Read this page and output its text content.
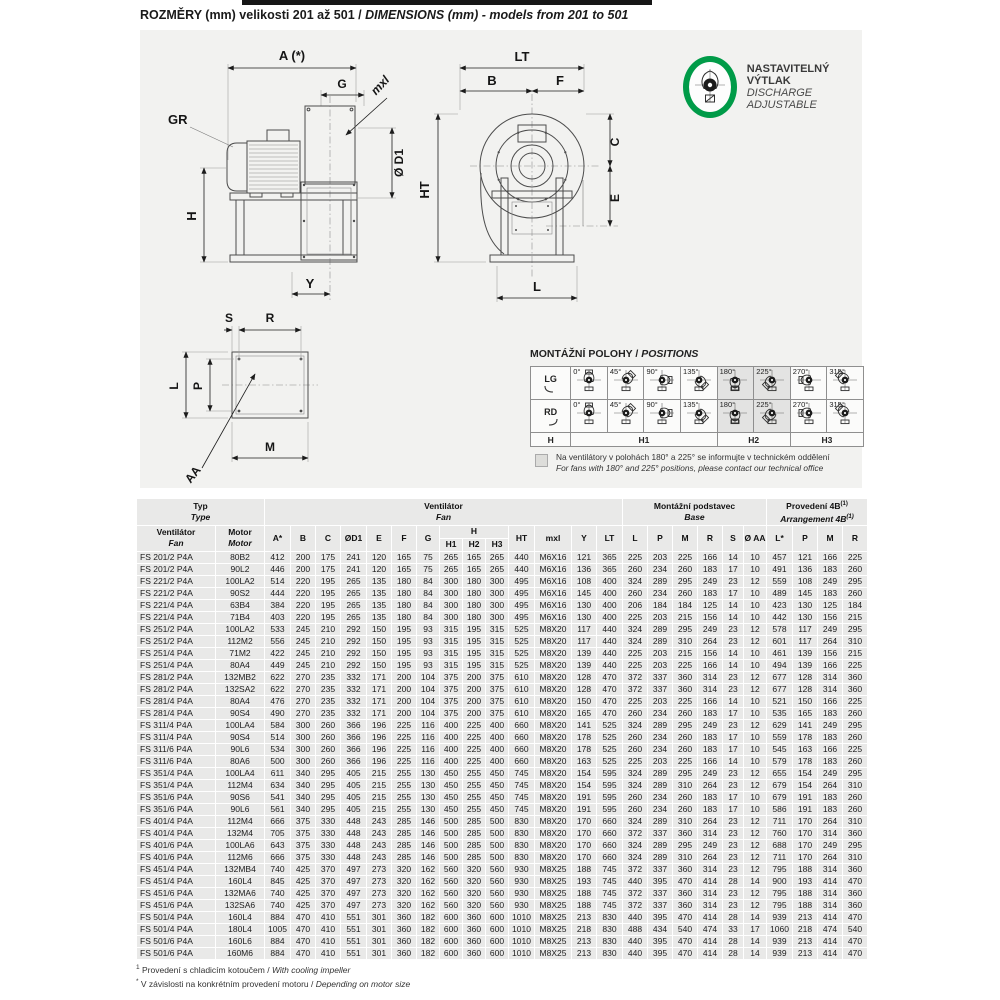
ROZMĚRY (mm) velikosti 201 až 501 / DIMENSIONS (mm) - models from 201 to 501
A (*)
G mxl
GR
Ø D1
H
Y
LT
B	F
C
E
HT
L
S	R
L P
M
AA
NASTAVITELNÝ VÝTLAK
DISCHARGE ADJUSTABLE
MONTÁŽNÍ POLOHY / POSITIONS
LG	0°	45°	90°	135°	180°	225°	270°	315°

RD	0°	45°	90°	135°	180°	225°	270°	315°

H	H1				H2		H3	
Na ventilátory v polohách 180° a 225° se informujte v technickém oddělení
For fans with 180° and 225° positions, please contact our technical office
Typ
Type

Ventilátor
Fan

Montážní podstavec
Base

Provedení $4B^{(1)}$
Arrangement $4B^{(1)}$

Ventilátor
Fan

Motor
Motor
	A*	B	C	ØD1	E	F	G	H	HT	mxl	Y	LT	L	P	M	R	S	Ø AA	L*	P	M	R
									H1	H2	H3														
FS 201/2 P4A	80B2	412	200	175	241	120	165	75	265	165	265	440	M6X16	121	365	225	203	225	166	14	10	457	121	166	225
FS 201/2 P4A	90L2	446	200	175	241	120	165	75	265	165	265	440	M6X16	136	365	260	234	260	183	17	10	491	136	183	260
FS 221/2 P4A	100LA2	514	220	195	265	135	180	84	300	180	300	495	M6X16	108	400	324	289	295	249	23	12	559	108	249	295
FS 221/2 P4A	90S2	444	220	195	265	135	180	84	300	180	300	495	M6X16	145	400	260	234	260	183	17	10	489	145	183	260
FS 221/4 P4A	63B4	384	220	195	265	135	180	84	300	180	300	495	M6X16	130	400	206	184	184	125	14	10	423	130	125	184
FS 221/4 P4A	71B4	403	220	195	265	135	180	84	300	180	300	495	M6X16	130	400	225	203	215	156	14	10	442	130	156	215
FS 251/2 P4A	100LA2	533	245	210	292	150	195	93	315	195	315	525	M8X20	117	440	324	289	295	249	23	12	578	117	249	295
FS 251/2 P4A	112M2	556	245	210	292	150	195	93	315	195	315	525	M8X20	117	440	324	289	310	264	23	12	601	117	264	310
FS 251/4 P4A	71M2	422	245	210	292	150	195	93	315	195	315	525	M8X20	139	440	225	203	215	156	14	10	461	139	156	215
FS 251/4 P4A	80A4	449	245	210	292	150	195	93	315	195	315	525	M8X20	139	440	225	203	225	166	14	10	494	139	166	225
FS 281/2 P4A	132MB2	622	270	235	332	171	200	104	375	200	375	610	M8X20	128	470	372	337	360	314	23	12	677	128	314	360
FS 281/2 P4A	132SA2	622	270	235	332	171	200	104	375	200	375	610	M8X20	128	470	372	337	360	314	23	12	677	128	314	360
FS 281/4 P4A	80A4	476	270	235	332	171	200	104	375	200	375	610	M8X20	150	470	225	203	225	166	14	10	521	150	166	225
FS 281/4 P4A	90S4	490	270	235	332	171	200	104	375	200	375	610	M8X20	165	470	260	234	260	183	17	10	535	165	183	260
FS 311/4 P4A	100LA4	584	300	260	366	196	225	116	400	225	400	660	M8X20	141	525	324	289	295	249	23	12	629	141	249	295
FS 311/4 P4A	90S4	514	300	260	366	196	225	116	400	225	400	660	M8X20	178	525	260	234	260	183	17	10	559	178	183	260
FS 311/6 P4A	90L6	534	300	260	366	196	225	116	400	225	400	660	M8X20	178	525	260	234	260	183	17	10	545	163	166	225
FS 311/6 P4A	80A6	500	300	260	366	196	225	116	400	225	400	660	M8X20	163	525	225	203	225	166	14	10	579	178	183	260
FS 351/4 P4A	100LA4	611	340	295	405	215	255	130	450	255	450	745	M8X20	154	595	324	289	295	249	23	12	655	154	249	295
FS 351/4 P4A	112M4	634	340	295	405	215	255	130	450	255	450	745	M8X20	154	595	324	289	310	264	23	12	679	154	264	310
FS 351/6 P4A	90S6	541	340	295	405	215	255	130	450	255	450	745	M8X20	191	595	260	234	260	183	17	10	679	191	183	260
FS 351/6 P4A	90L6	561	340	295	405	215	255	130	450	255	450	745	M8X20	191	595	260	234	260	183	17	10	586	191	183	260
FS 401/4 P4A	112M4	666	375	330	448	243	285	146	500	285	500	830	M8X20	170	660	324	289	310	264	23	12	711	170	264	310
FS 401/4 P4A	132M4	705	375	330	448	243	285	146	500	285	500	830	M8X20	170	660	372	337	360	314	23	12	760	170	314	360
FS 401/6 P4A	100LA6	643	375	330	448	243	285	146	500	285	500	830	M8X20	170	660	324	289	295	249	23	12	688	170	249	295
FS 401/6 P4A	112M6	666	375	330	448	243	285	146	500	285	500	830	M8X20	170	660	324	289	310	264	23	12	711	170	264	310
FS 451/4 P4A	132MB4	740	425	370	497	273	320	162	560	320	560	930	M8X25	188	745	372	337	360	314	23	12	795	188	314	360
FS 451/4 P4A	160L4	845	425	370	497	273	320	162	560	320	560	930	M8X25	193	745	440	395	470	414	28	14	900	193	414	470
FS 451/6 P4A	132MA6	740	425	370	497	273	320	162	560	320	560	930	M8X25	188	745	372	337	360	314	23	12	795	188	314	360
FS 451/6 P4A	132SA6	740	425	370	497	273	320	162	560	320	560	930	M8X25	188	745	372	337	360	314	23	12	795	188	314	360
FS 501/4 P4A	160L4	884	470	410	551	301	360	182	600	360	600	1010	M8X25	213	830	440	395	470	414	28	14	939	213	414	470
FS 501/4 P4A	180L4	1005	470	410	551	301	360	182	600	360	600	1010	M8X25	218	830	488	434	540	474	33	17	1060	218	474	540
FS 501/6 P4A	160L6	884	470	410	551	301	360	182	600	360	600	1010	M8X25	213	830	440	395	470	414	28	14	939	213	414	470
FS 501/6 P4A	160M6	884	470	410	551	301	360	182	600	360	600	1010	M8X25	213	830	440	395	470	414	28	14	939	213	414	470
$^1$ Provedení s chladicím kotoučem / With cooling impeller
* V závislosti na konkrétním provedení motoru / Depending on motor size
